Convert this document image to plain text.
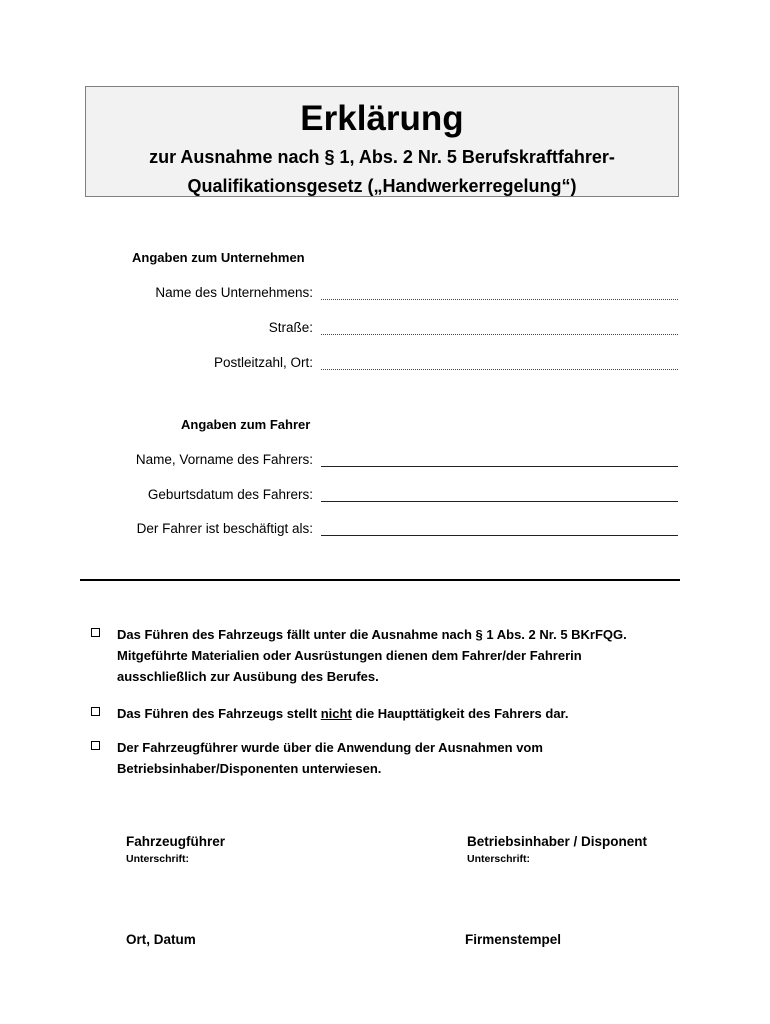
Erklärung
zur Ausnahme nach § 1, Abs. 2 Nr. 5 Berufskraftfahrer-
Qualifikationsgesetz („Handwerkerregelung“)
Angaben zum Unternehmen
Name des Unternehmens:
Straße:
Postleitzahl, Ort:
Angaben zum Fahrer
Name, Vorname des Fahrers:
Geburtsdatum des Fahrers:
Der Fahrer ist beschäftigt als:
Das Führen des Fahrzeugs fällt unter die Ausnahme nach § 1 Abs. 2 Nr. 5 BKrFQG. Mitgeführte Materialien oder Ausrüstungen dienen dem Fahrer/der Fahrerin ausschließlich zur Ausübung des Berufes.
Das Führen des Fahrzeugs stellt nicht die Haupttätigkeit des Fahrers dar.
Der Fahrzeugführer wurde über die Anwendung der Ausnahmen vom Betriebsinhaber/Disponenten unterwiesen.
Fahrzeugführer
Unterschrift:
Betriebsinhaber / Disponent
Unterschrift:
Ort, Datum	Firmenstempel
